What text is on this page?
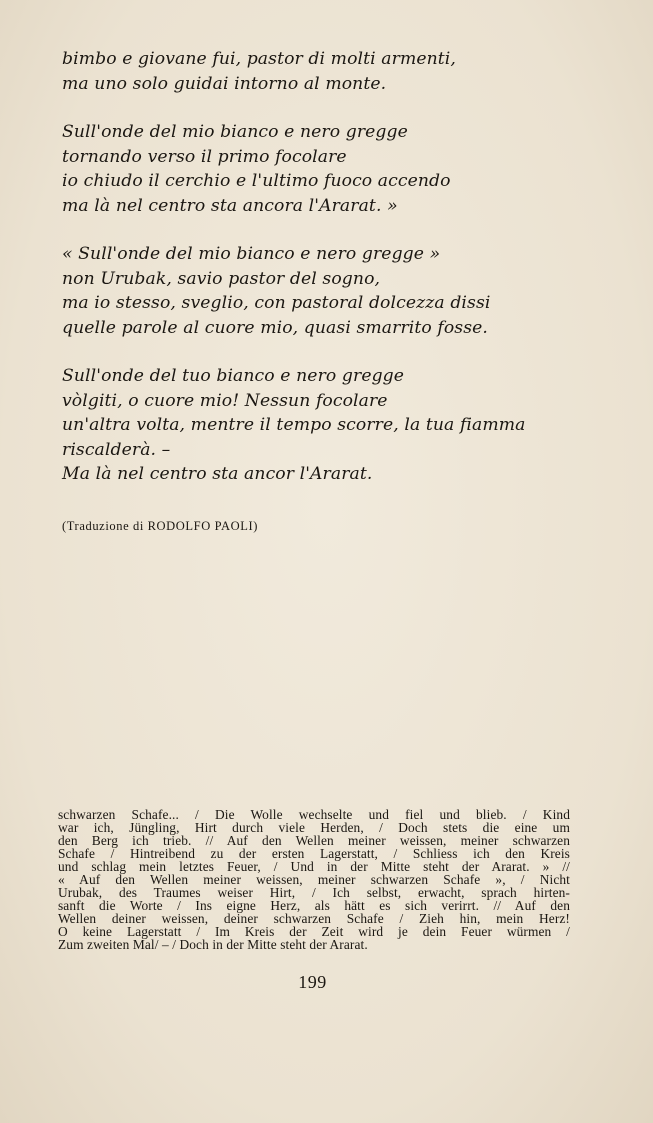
bimbo e giovane fui, pastor di molti armenti,
ma uno solo guidai intorno al monte.
Sull'onde del mio bianco e nero gregge
tornando verso il primo focolare
io chiudo il cerchio e l'ultimo fuoco accendo
ma là nel centro sta ancora l'Ararat. »
« Sull'onde del mio bianco e nero gregge »
non Urubak, savio pastor del sogno,
ma io stesso, sveglio, con pastoral dolcezza dissi
quelle parole al cuore mio, quasi smarrito fosse.
Sull'onde del tuo bianco e nero gregge
vòlgiti, o cuore mio! Nessun focolare
un'altra volta, mentre il tempo scorre, la tua fiamma
riscalderà. –
Ma là nel centro sta ancor l'Ararat.
(Traduzione di RODOLFO PAOLI)
schwarzen Schafe... / Die Wolle wechselte und fiel und blieb. / Kind
war ich, Jüngling, Hirt durch viele Herden, / Doch stets die eine um
den Berg ich trieb. // Auf den Wellen meiner weissen, meiner schwarzen
Schafe / Hintreibend zu der ersten Lagerstatt, / Schliess ich den Kreis
und schlag mein letztes Feuer, / Und in der Mitte steht der Ararat. » //
« Auf den Wellen meiner weissen, meiner schwarzen Schafe », / Nicht
Urubak, des Traumes weiser Hirt, / Ich selbst, erwacht, sprach hirten-
sanft die Worte / Ins eigne Herz, als hätt es sich verirrt. // Auf den
Wellen deiner weissen, deiner schwarzen Schafe / Zieh hin, mein Herz!
O keine Lagerstatt / Im Kreis der Zeit wird je dein Feuer würmen /
Zum zweiten Mal/ – / Doch in der Mitte steht der Ararat.
199
